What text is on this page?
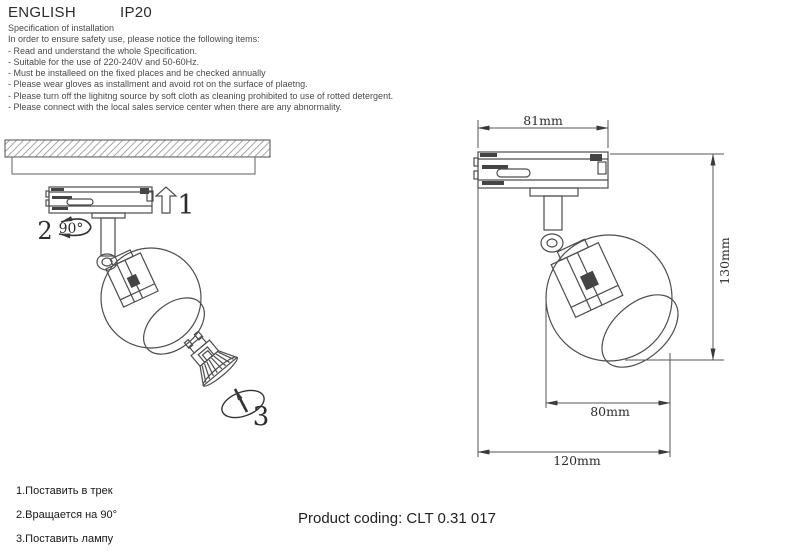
ENGLISH	IP20
Specification of installation
In order to ensure safety use, please notice the following items:
- Read and understand the whole Specification.
- Suitable for the use of 220-240V and 50-60Hz.
- Must be installeed on the fixed places and be checked annually
- Please wear gloves as installment and avoid rot on the surface of plaetng.
- Please turn off the lighitng source by soft cloth as cleaning prohibited to use of rotted detergent.
- Please connect with the local sales service center when there are any abnormality.
1
2 90°
3
81mm
130mm
80mm
120mm
1.Поставить в трек
2.Вращается на 90°
3.Поставить лампу
Product coding: CLT 0.31 017
